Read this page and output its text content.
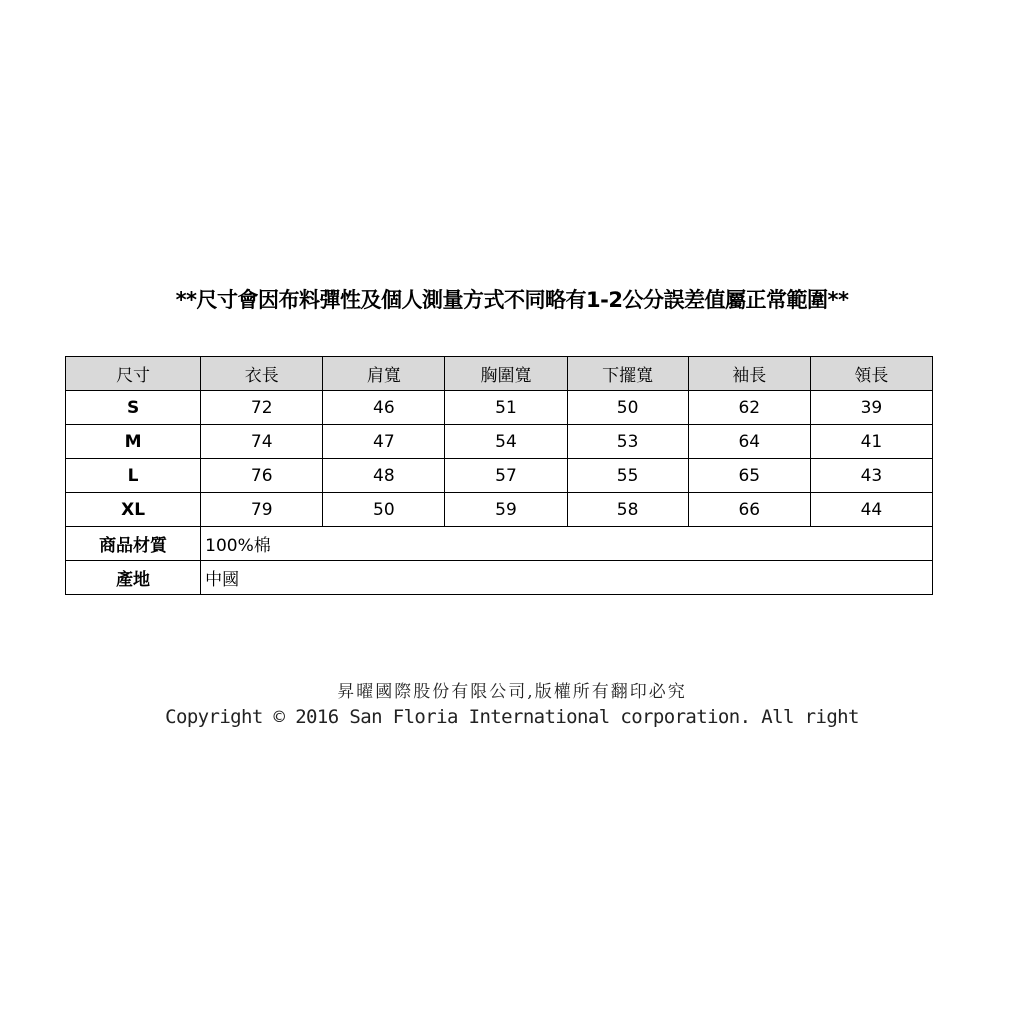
**尺寸會因布料彈性及個人測量方式不同略有1-2公分誤差值屬正常範圍**
尺寸	衣長	肩寬	胸圍寬	下擺寬	袖長	領長
S	72	46	51	50	62	39
M	74	47	54	53	64	41
L	76	48	57	55	65	43
XL	79	50	59	58	66	44
商品材質	100%棉					
產地	中國					
昇曜國際股份有限公司,版權所有翻印必究
Copyright © 2016 San Floria International corporation. All right
